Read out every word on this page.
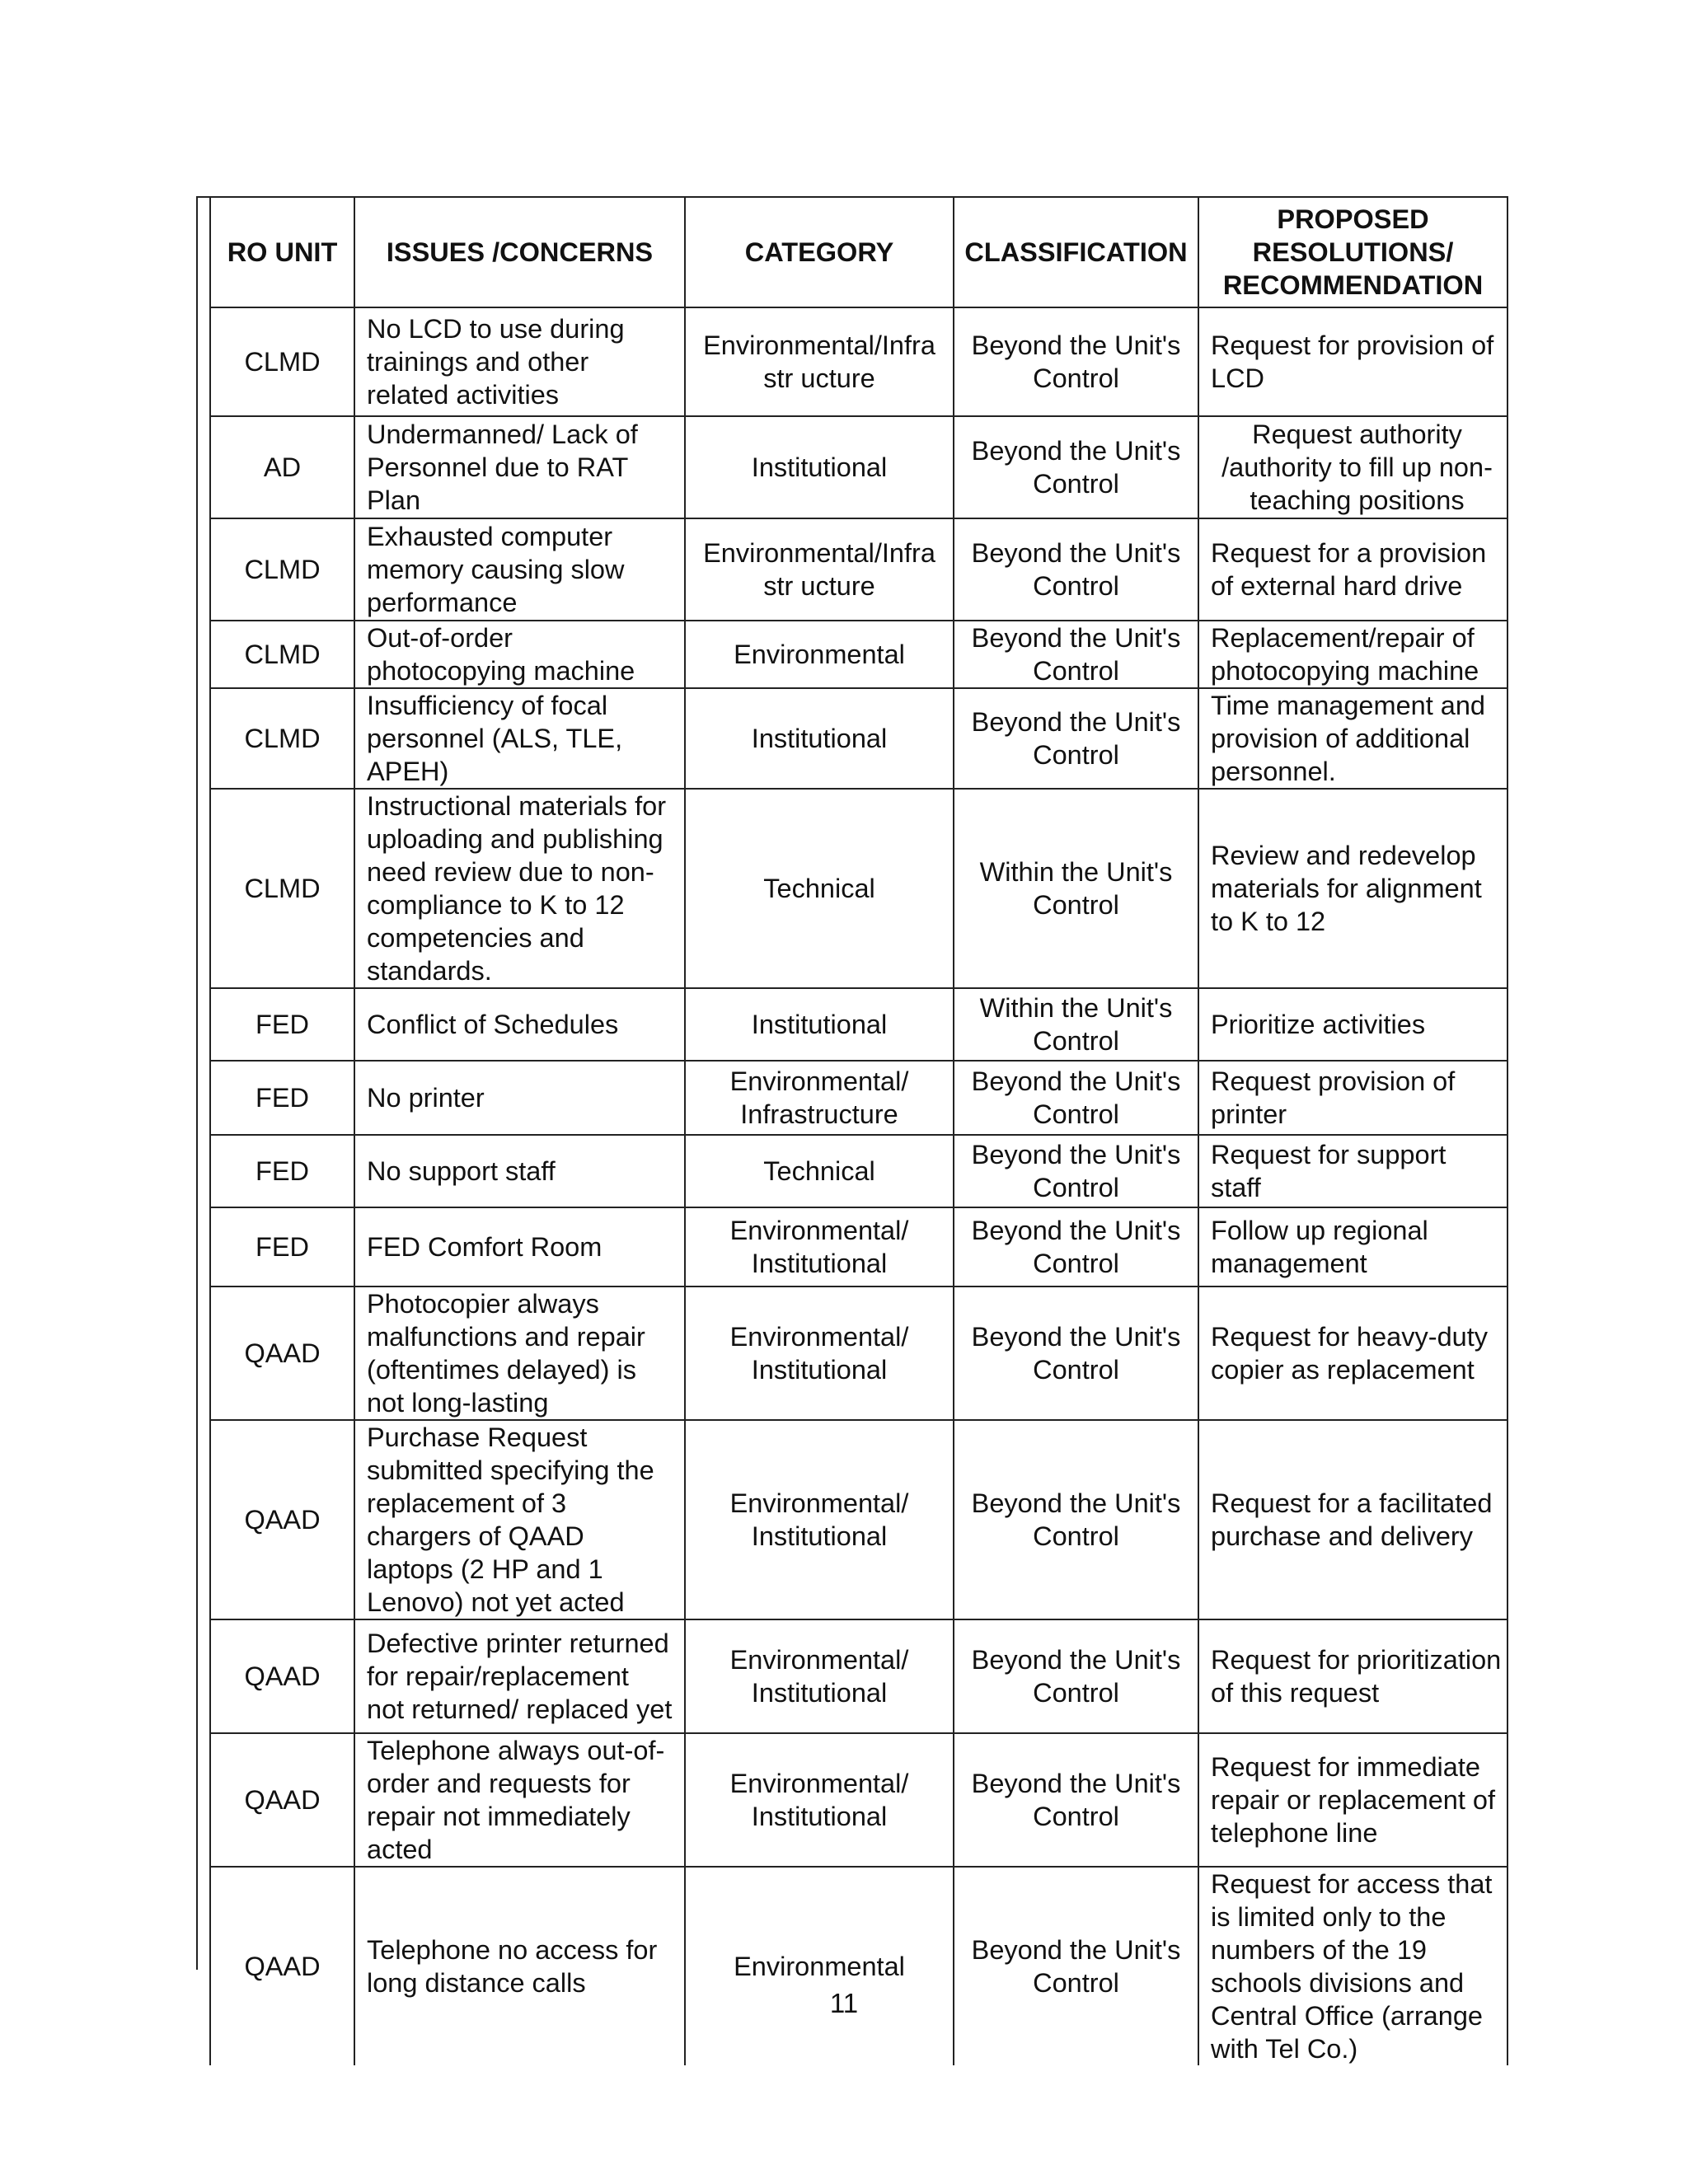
RO UNIT	ISSUES /CONCERNS	CATEGORY	CLASSIFICATION	PROPOSED RESOLUTIONS/ RECOMMENDATION
CLMD	No LCD to use during trainings and other related activities	Environmental/Infrastr ucture	Beyond the Unit's Control	Request for provision of LCD
AD	Undermanned/ Lack of Personnel due to RAT Plan	Institutional	Beyond the Unit's Control	Request authority /authority to fill up non-teaching positions
CLMD	Exhausted computer memory causing slow performance	Environmental/Infrastr ucture	Beyond the Unit's Control	Request for a provision of external hard drive
CLMD	Out-of-order photocopying machine	Environmental	Beyond the Unit's Control	Replacement/repair of photocopying machine
CLMD	Insufficiency of focal personnel (ALS, TLE, APEH)	Institutional	Beyond the Unit's Control	Time management and provision of additional personnel.
CLMD	Instructional materials for uploading and publishing need review due to non-compliance to K to 12 competencies and standards.	Technical	Within the Unit's Control	Review and redevelop materials for alignment to K to 12
FED	Conflict of Schedules	Institutional	Within the Unit's Control	Prioritize activities
FED	No printer	Environmental/ Infrastructure	Beyond the Unit's Control	Request provision of printer
FED	No support staff	Technical	Beyond the Unit's Control	Request for support staff
FED	FED Comfort Room	Environmental/ Institutional	Beyond the Unit's Control	Follow up regional management
QAAD	Photocopier always malfunctions and repair (oftentimes delayed) is not long-lasting	Environmental/ Institutional	Beyond the Unit's Control	Request for heavy-duty copier as replacement
QAAD	Purchase Request submitted specifying the replacement of 3 chargers of QAAD laptops (2 HP and 1 Lenovo) not yet acted	Environmental/ Institutional	Beyond the Unit's Control	Request for a facilitated purchase and delivery
QAAD	Defective printer returned for repair/replacement not returned/ replaced yet	Environmental/ Institutional	Beyond the Unit's Control	Request for prioritization of this request
QAAD	Telephone always out-of-order and requests for repair not immediately acted	Environmental/ Institutional	Beyond the Unit's Control	Request for immediate repair or replacement of telephone line
QAAD	Telephone no access for long distance calls	Environmental	Beyond the Unit's Control	Request for access that is limited only to the numbers of the 19 schools divisions and Central Office (arrange with Tel Co.)
11
